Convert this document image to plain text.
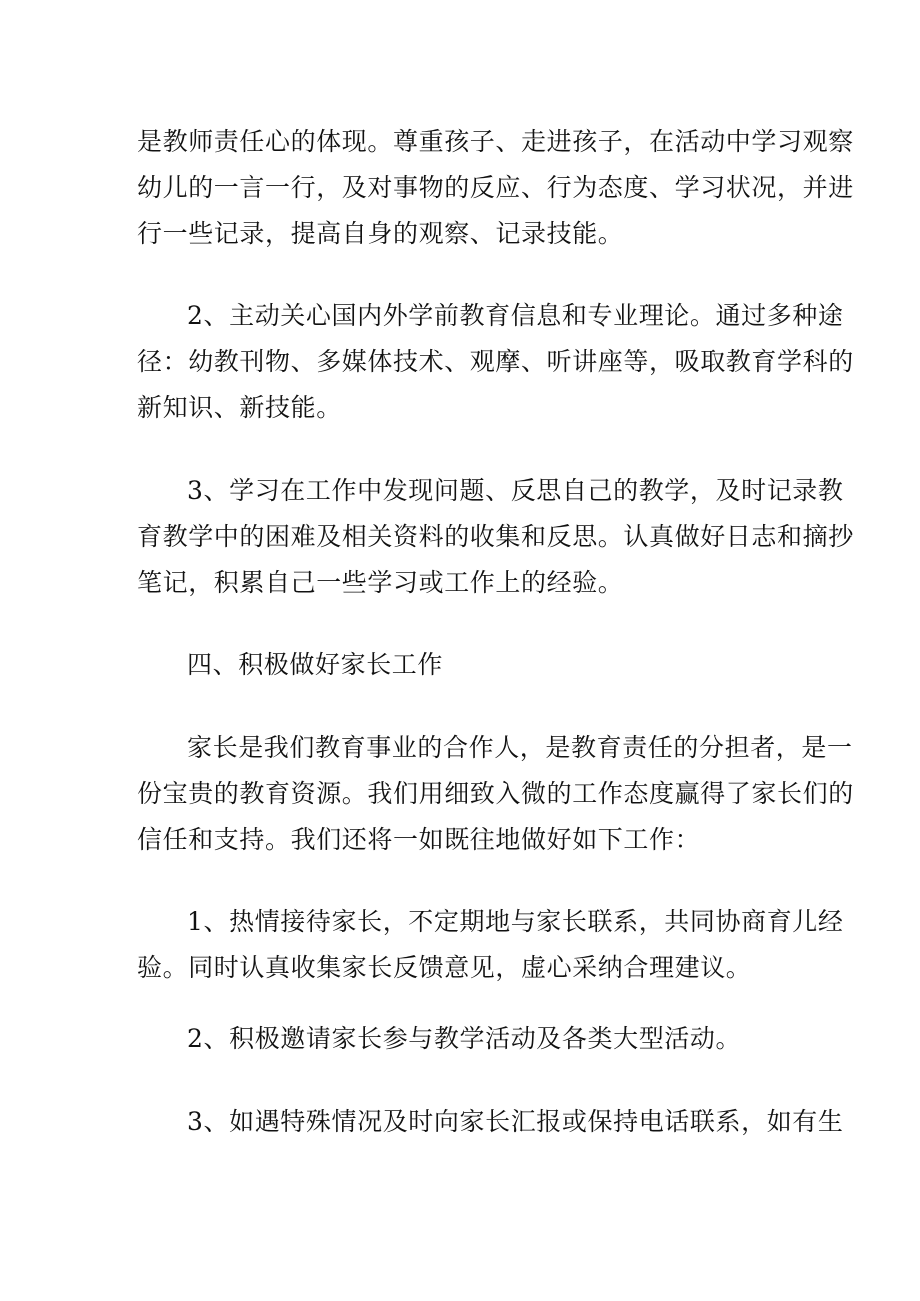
是教师责任心的体现。尊重孩子、走进孩子，在活动中学习观察
幼儿的一言一行，及对事物的反应、行为态度、学习状况，并进
行一些记录，提高自身的观察、记录技能。
2、主动关心国内外学前教育信息和专业理论。通过多种途
径：幼教刊物、多媒体技术、观摩、听讲座等，吸取教育学科的
新知识、新技能。
3、学习在工作中发现问题、反思自己的教学，及时记录教
育教学中的困难及相关资料的收集和反思。认真做好日志和摘抄
笔记，积累自己一些学习或工作上的经验。
四、积极做好家长工作
家长是我们教育事业的合作人，是教育责任的分担者，是一
份宝贵的教育资源。我们用细致入微的工作态度赢得了家长们的
信任和支持。我们还将一如既往地做好如下工作：
1、热情接待家长，不定期地与家长联系，共同协商育儿经
验。同时认真收集家长反馈意见，虚心采纳合理建议。
2、积极邀请家长参与教学活动及各类大型活动。
3、如遇特殊情况及时向家长汇报或保持电话联系，如有生
